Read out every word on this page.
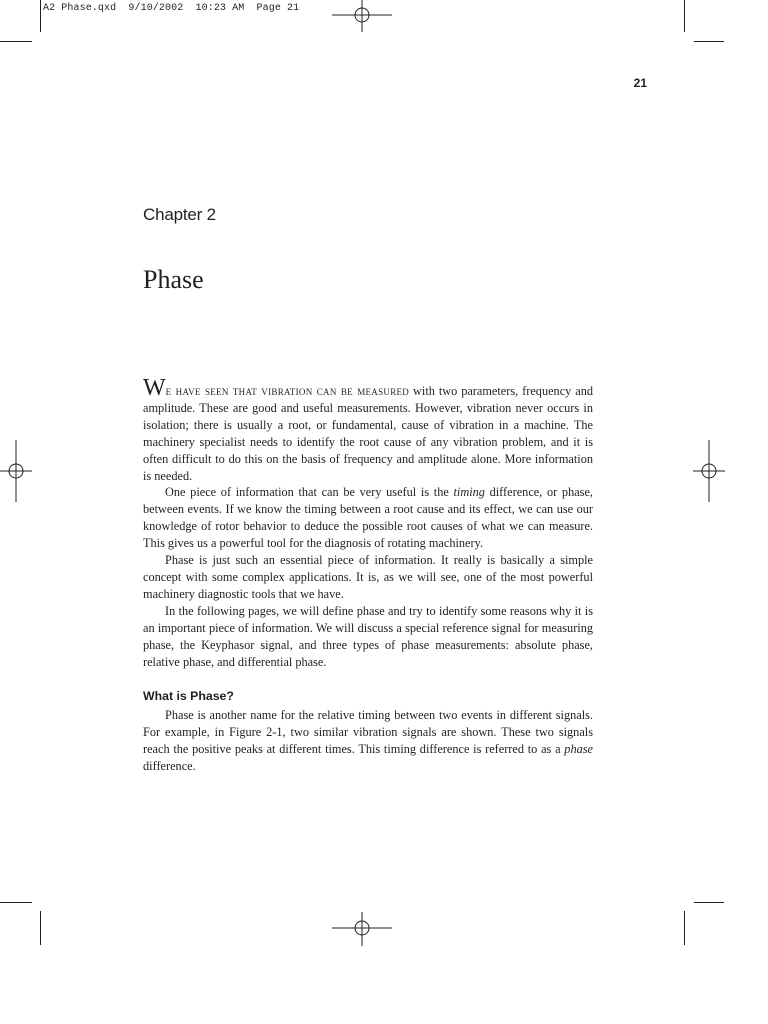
A2 Phase.qxd  9/10/2002  10:23 AM  Page 21
21
Chapter 2
Phase

We have seen that vibration can be measured with two parameters, frequency and amplitude. These are good and useful measurements. However, vibration never occurs in isolation; there is usually a root, or fundamental, cause of vibration in a machine. The machinery specialist needs to identify the root cause of any vibration problem, and it is often difficult to do this on the basis of frequency and amplitude alone. More information is needed.

One piece of information that can be very useful is the timing difference, or phase, between events. If we know the timing between a root cause and its effect, we can use our knowledge of rotor behavior to deduce the possible root causes of what we can measure. This gives us a powerful tool for the diagnosis of rotating machinery.

Phase is just such an essential piece of information. It really is basically a simple concept with some complex applications. It is, as we will see, one of the most powerful machinery diagnostic tools that we have.

In the following pages, we will define phase and try to identify some reasons why it is an important piece of information. We will discuss a special reference signal for measuring phase, the Keyphasor signal, and three types of phase measurements: absolute phase, relative phase, and differential phase.

What is Phase?

Phase is another name for the relative timing between two events in different signals. For example, in Figure 2-1, two similar vibration signals are shown. These two signals reach the positive peaks at different times. This timing difference is referred to as a phase difference.
